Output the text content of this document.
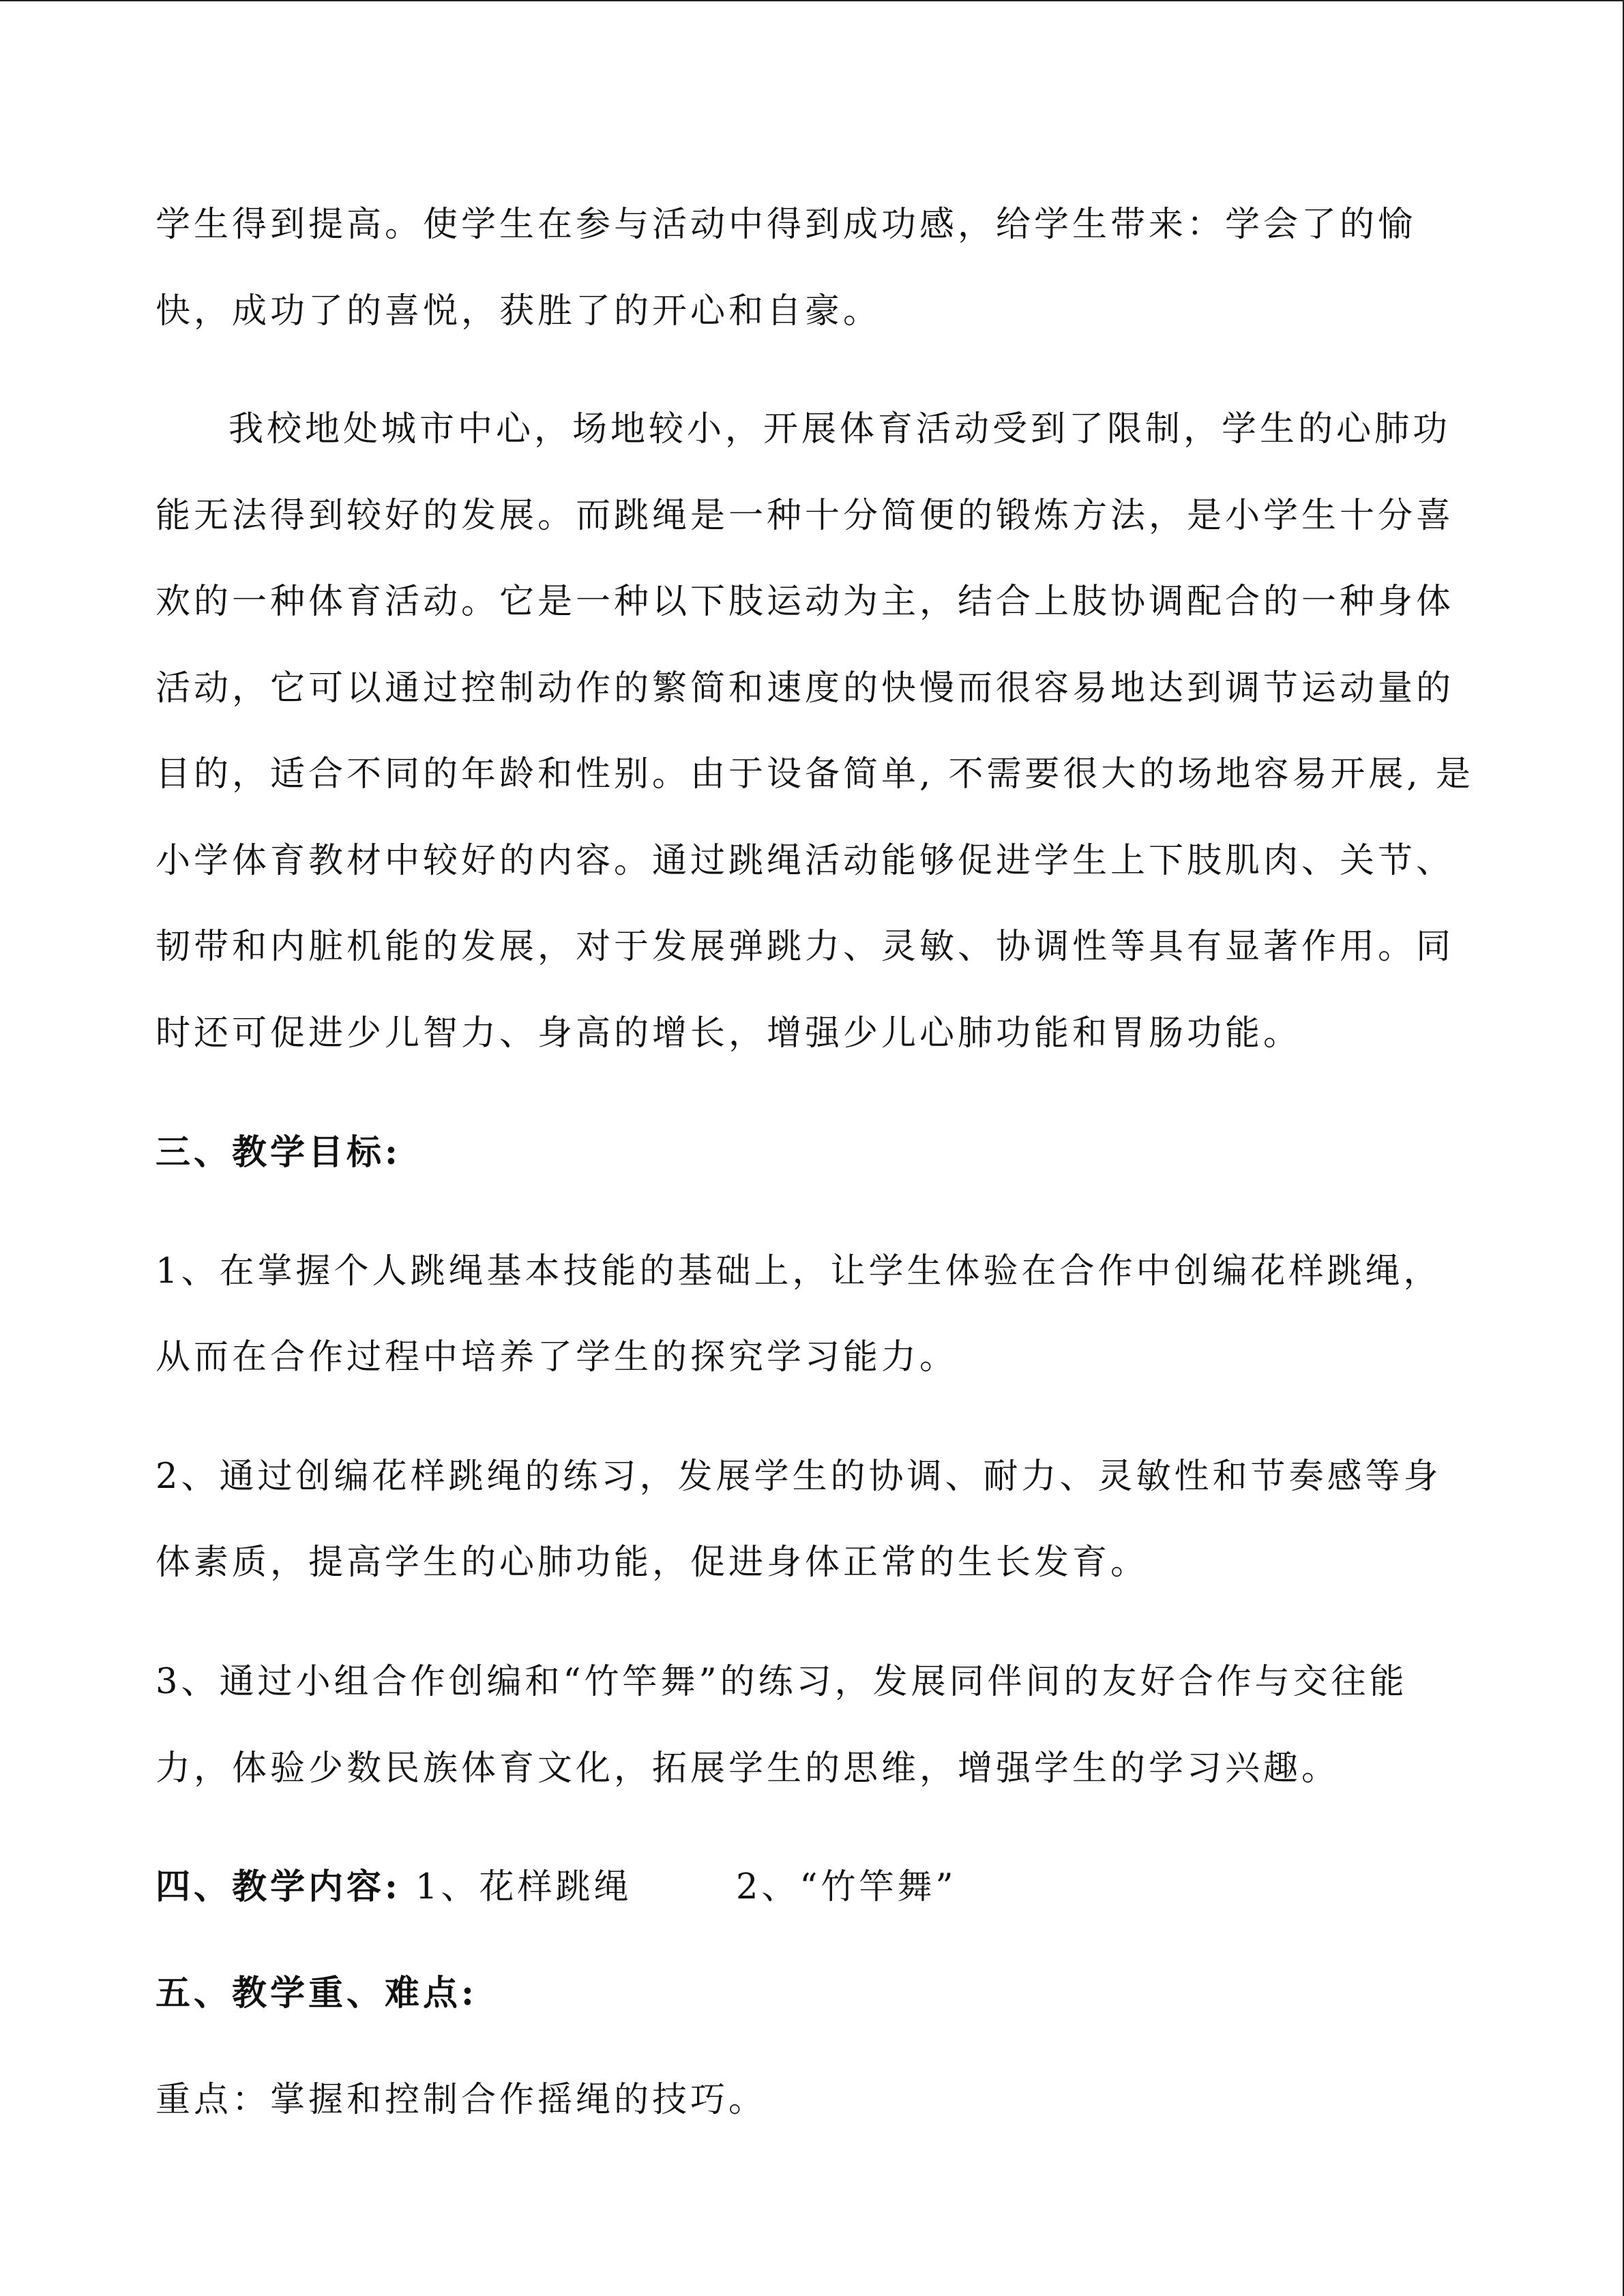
学生得到提高。使学生在参与活动中得到成功感，给学生带来：学会了的愉
快，成功了的喜悦，获胜了的开心和自豪。
我校地处城市中心，场地较小，开展体育活动受到了限制，学生的心肺功
能无法得到较好的发展。而跳绳是一种十分简便的锻炼方法，是小学生十分喜
欢的一种体育活动。它是一种以下肢运动为主，结合上肢协调配合的一种身体
活动，它可以通过控制动作的繁简和速度的快慢而很容易地达到调节运动量的
目的，适合不同的年龄和性别。由于设备简单, 不需要很大的场地容易开展, 是
小学体育教材中较好的内容。通过跳绳活动能够促进学生上下肢肌肉、关节、
韧带和内脏机能的发展，对于发展弹跳力、灵敏、协调性等具有显著作用。同
时还可促进少儿智力、身高的增长，增强少儿心肺功能和胃肠功能。
三、教学目标:
1、在掌握个人跳绳基本技能的基础上，让学生体验在合作中创编花样跳绳，
从而在合作过程中培养了学生的探究学习能力。
2、通过创编花样跳绳的练习，发展学生的协调、耐力、灵敏性和节奏感等身
体素质，提高学生的心肺功能，促进身体正常的生长发育。
3、通过小组合作创编和“竹竿舞”的练习，发展同伴间的友好合作与交往能
力，体验少数民族体育文化，拓展学生的思维，增强学生的学习兴趣。
四、教学内容: 1、花样跳绳	2、“竹竿舞”
五、教学重、难点:
重点：掌握和控制合作摇绳的技巧。
